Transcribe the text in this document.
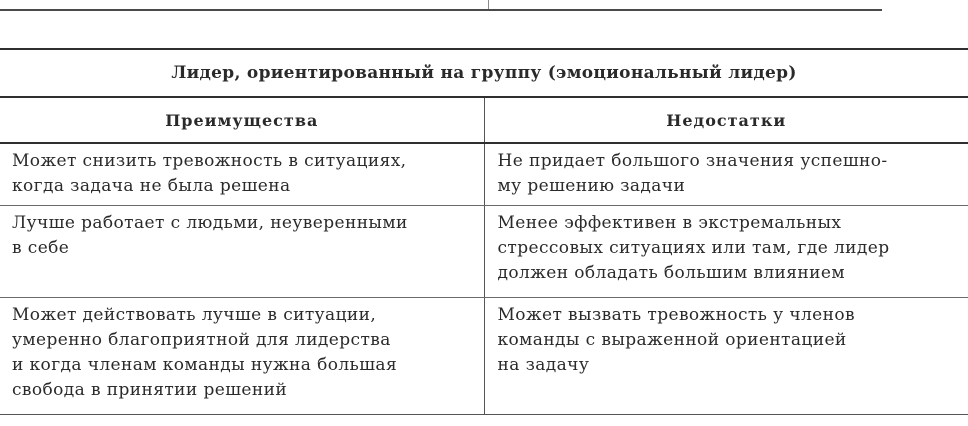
Лидер, ориентированный на группу (эмоциональный лидер)	
Преимущества	Недостатки

Может снизить тревожность в ситуациях,
когда задача не была решена	Не придает большого значения успешно-
му решению задачи

Лучше работает с людьми, неуверенными
в себе	Менее эффективен в экстремальных
стрессовых ситуациях или там, где лидер
должен обладать большим влиянием

Может действовать лучше в ситуации,
умеренно благоприятной для лидерства
и когда членам команды нужна большая
свобода в принятии решений	Может вызвать тревожность у членов
команды с выраженной ориентацией
на задачу
